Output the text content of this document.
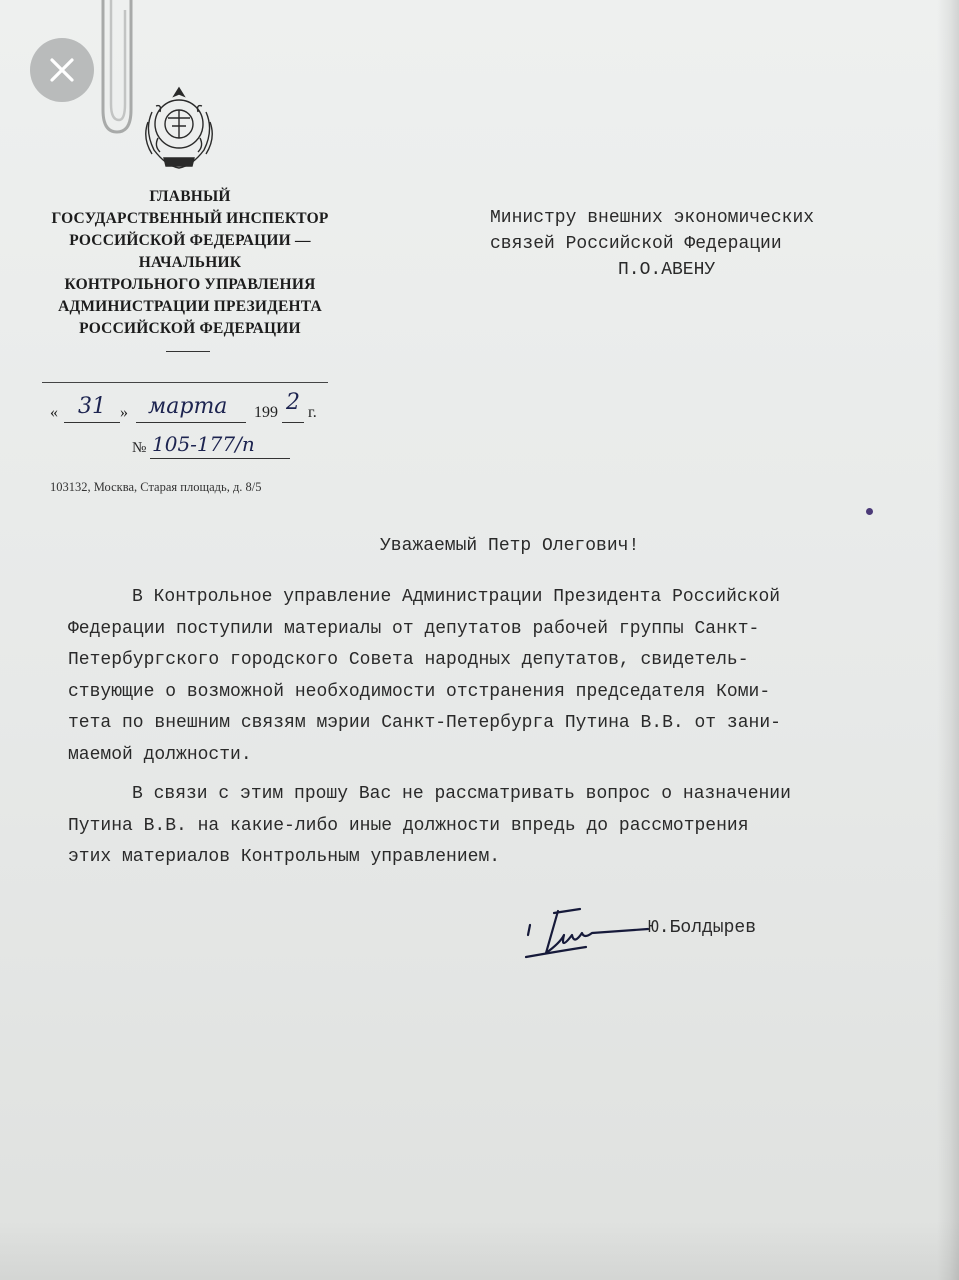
ГЛАВНЫЙ
ГОСУДАРСТВЕННЫЙ ИНСПЕКТОР
РОССИЙСКОЙ ФЕДЕРАЦИИ —
НАЧАЛЬНИК
КОНТРОЛЬНОГО УПРАВЛЕНИЯ
АДМИНИСТРАЦИИ ПРЕЗИДЕНТА
РОССИЙСКОЙ ФЕДЕРАЦИИ
Министру внешних экономических
связей Российской Федерации
П.О.АВЕНУ
« 31 » марта 199 2 г.
№ 105-177/п
103132, Москва, Старая площадь, д. 8/5
Уважаемый Петр Олегович!
В Контрольное управление Администрации Президента Российской
Федерации поступили материалы от депутатов рабочей группы Санкт-
Петербургского городского Совета народных депутатов, свидетель-
ствующие о возможной необходимости отстранения председателя Коми-
тета по внешним связям мэрии Санкт-Петербурга Путина В.В. от зани-
маемой должности.
В связи с этим прошу Вас не рассматривать вопрос о назначении
Путина В.В. на какие-либо иные должности впредь до рассмотрения
этих материалов Контрольным управлением.
Ю.Болдырев
